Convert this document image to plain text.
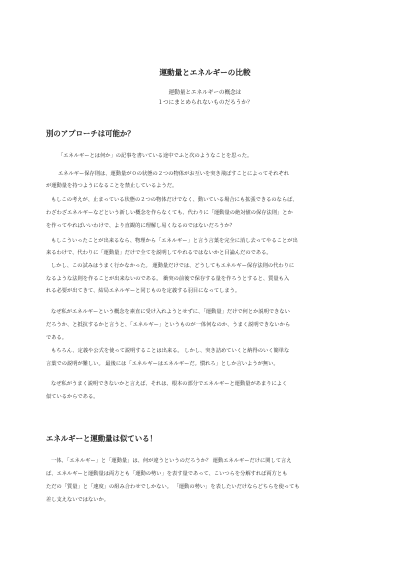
運動量とエネルギーの比較
運動量とエネルギーの概念は
１つにまとめられないものだろうか？
別のアプローチは可能か？
「エネルギーとは何か」の記事を書いている途中でふと次のようなことを思った。
エネルギー保存則は、運動量が０の状態の２つの物体がお互いを突き飛ばすことによってそれぞれ
が運動量を持つようになることを禁止しているようだ。
もしこの考えが、止まっている状態の２つの物体だけでなく、動いている場合にも拡張できるのならば、
わざわざエネルギーなどという新しい概念を作らなくても、代わりに「運動量の絶対値の保存法則」とか
を作ってやればいいわけで、より直観的に理解し易くなるのではないだろうか？
もしこういったことが出来るなら、物理から「エネルギー」と言う言葉を完全に消し去ってやることが出
来るわけで、代わりに「運動量」だけで全てを説明してやれるではないかと目論んだのである。
しかし、この試みはうまく行かなかった。 運動量だけでは、どうしてもエネルギー保存法則の代わりに
なるような法則を作ることが出来ないのである。 衝突の前後で保存する量を作ろうとすると、質量も入
れる必要が出てきて、結局エネルギーと同じものを定義する羽目になってしまう。
なぜ私がエネルギーという概念を素直に受け入れようとせずに、「運動量」だけで何とか説明できない
だろうか、と抵抗するかと言うと、「エネルギー」というものが一体何なのか、うまく説明できないから
である。
もちろん、定義や公式を使って説明することは出来る。 しかし、突き詰めていくと納得のいく簡単な
言葉での説明が難しい。 最後には「エネルギーはエネルギーだ。慣れろ」としか言いようが無い。
なぜ私がうまく説明できないかと言えば、それは、根本の部分でエネルギーと運動量があまりによく
似ているからである。
エネルギーと運動量は似ている！
一体、「エネルギー」と「運動量」は、何が違うというのだろうか？ 運動エネルギーだけに関して言え
ば、エネルギーと運動量は両方とも「運動の勢い」を表す量であって、こいつらを分解すれば両方とも
ただの「質量」と「速度」の組み合わせでしかない。 「運動の勢い」を表したいだけならどちらを使っても
差し支えないではないか。
